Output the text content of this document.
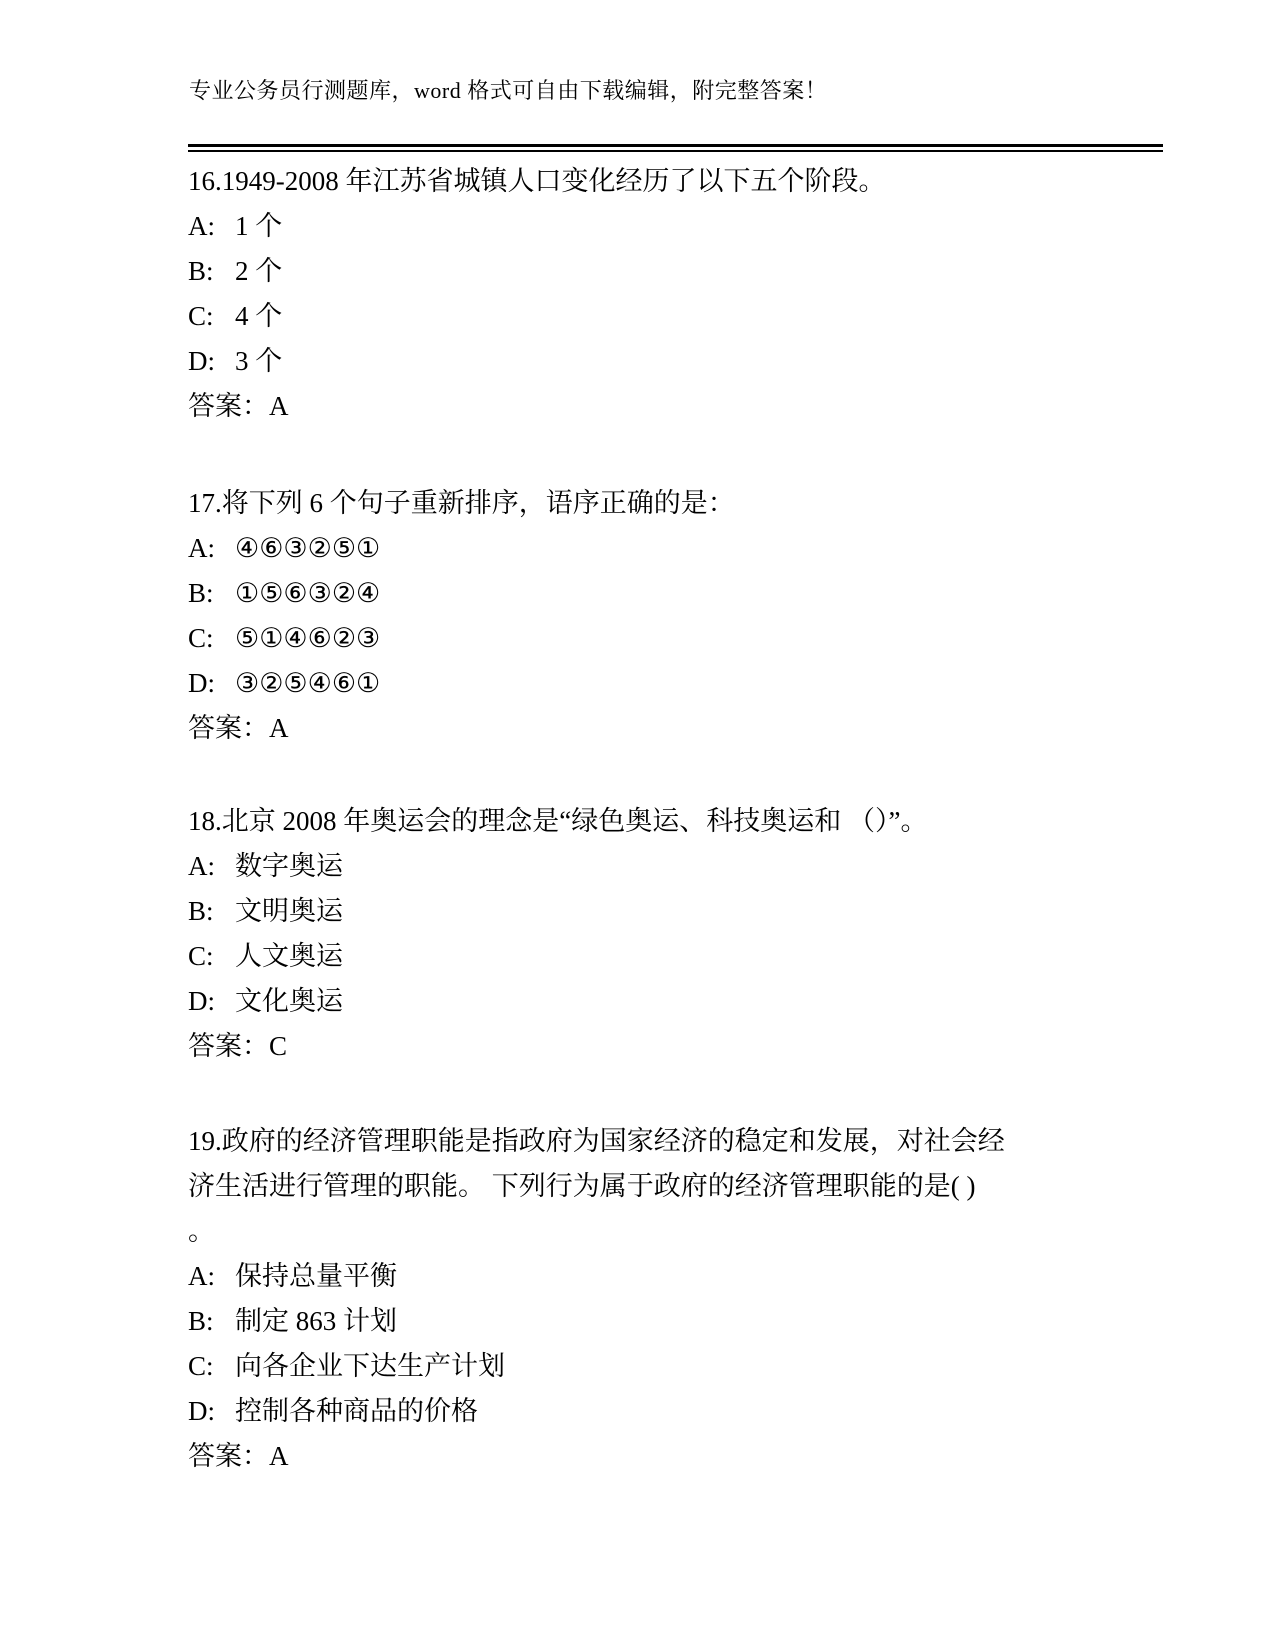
专业公务员行测题库，word 格式可自由下载编辑，附完整答案！
16.1949-2008 年江苏省城镇人口变化经历了以下五个阶段。
A: 1 个
B: 2 个
C: 4 个
D: 3 个
答案：A
17.将下列 6 个句子重新排序，语序正确的是：
A: ④⑥③②⑤①
B: ①⑤⑥③②④
C: ⑤①④⑥②③
D: ③②⑤④⑥①
答案：A
18.北京 2008 年奥运会的理念是“绿色奥运、科技奥运和 （）”。
A: 数字奥运
B: 文明奥运
C: 人文奥运
D: 文化奥运
答案：C
19.政府的经济管理职能是指政府为国家经济的稳定和发展，对社会经
济生活进行管理的职能。 下列行为属于政府的经济管理职能的是( )
。
A: 保持总量平衡
B: 制定 863 计划
C: 向各企业下达生产计划
D: 控制各种商品的价格
答案：A
